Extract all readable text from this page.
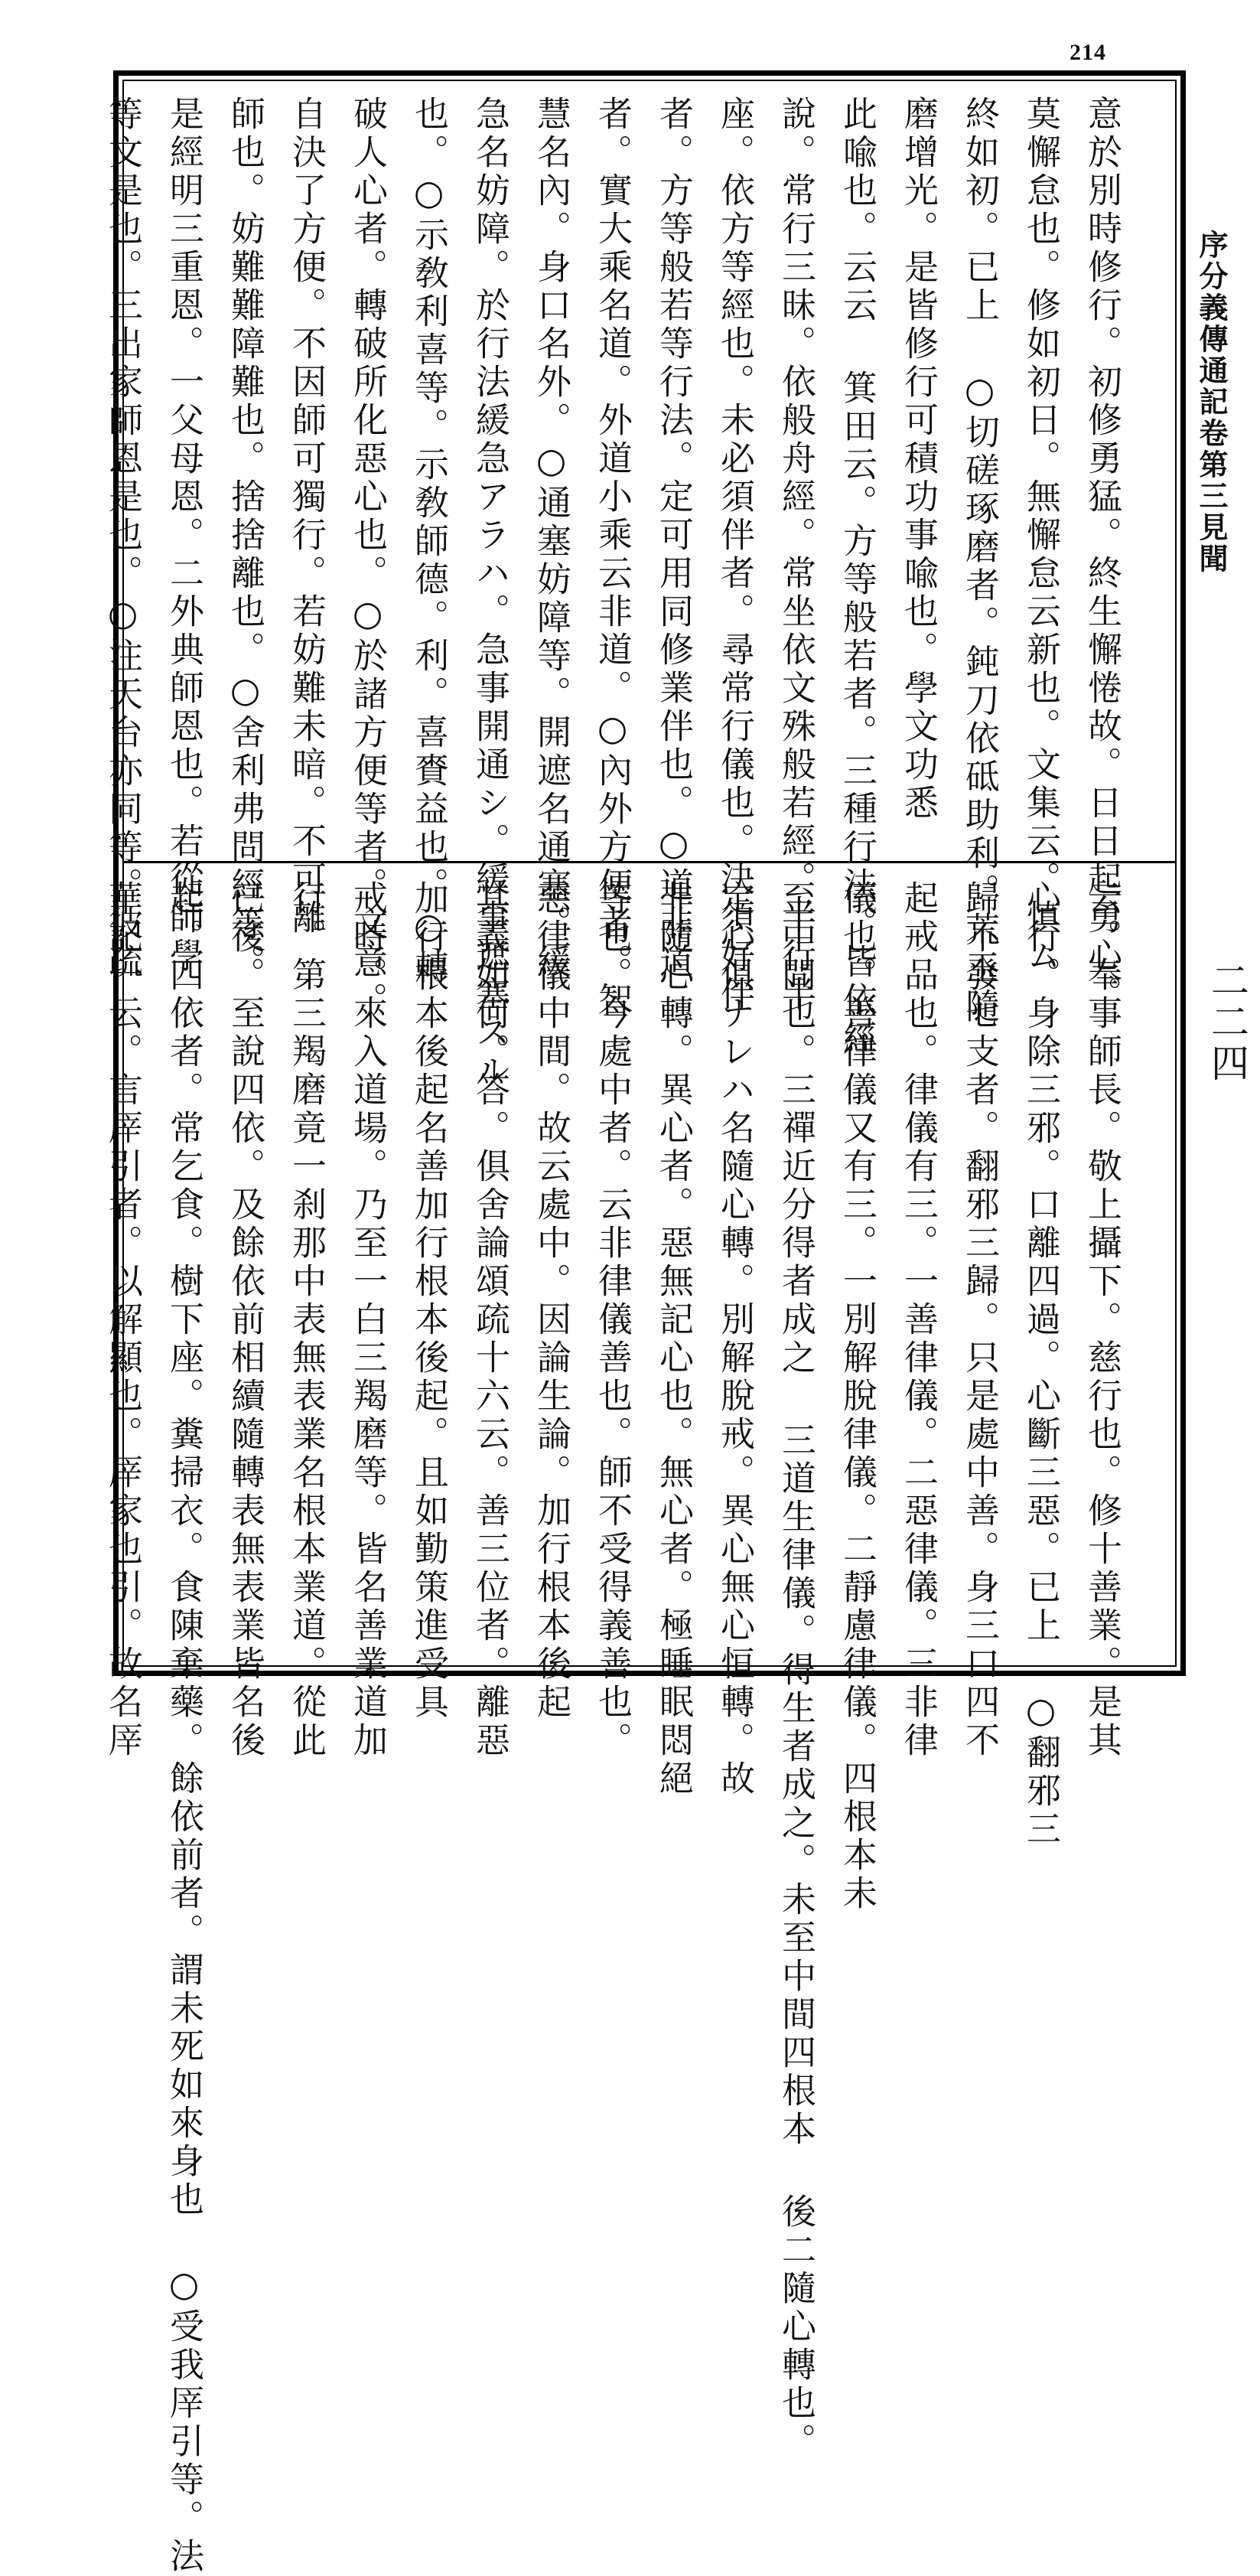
214
序分義傳通記卷第三見聞
二二四
意於別時修行。初修勇猛。終生懈惓故。日日起勇心。
莫懈怠也。修如初日。無懈怠云新也。文集云。慎ム
終如初。已上 ○切磋琢磨者。鈍刀依砥助利。荒玉隨
磨增光。是皆修行可積功事喩也。學文功悉
此喩也。云云 箕田云。方等般若者。三種行法。皆依經
說。常行三昧。依般舟經。常坐依文殊般若經。半行半
座。依方等經也。未必須伴者。尋常行儀也。決須好伴
者。方等般若等行法。定可用同修業伴也。○道非道
者。實大乘名道。外道小乘云非道。○內外方便者。智
慧名內。身口名外。○通塞妨障等。開遮名通塞。緩
急名妨障。於行法緩急アラハ。急事開通シ。緩事遮塞スル
也。○示敎利喜等。示敎師德。利。喜賚益也。○轉
破人心者。轉破所化惡心也。○於諸方便等者。文意。
自決了方便。不因師可獨行。若妨難未暗。不可離
師也。妨難難障難也。捨捨離也。○舍利弗問經等。
是經明三重恩。一父母恩。二外典師恩也。若從師學
等文是也。三出家師恩是也。○注天台亦同等。彼疏
云。奉事師長。敬上攝下。慈行也。修十善業。是其
心行。身除三邪。口離四過。心斷三惡。已上 ○翻邪三
歸不發七支者。翻邪三歸。只是處中善。身三口四不
起戒品也。律儀有三。一善律儀。二惡律儀。三非律
儀也。善律儀又有三。一別解脫律儀。二靜慮律儀。四根本未
至中間也。三禪近分得者成之 三道生律儀。得生者成之。未至中間四根本 後二隨心轉也。
定心俱ナレハ名隨心轉。別解脫戒。異心無心恒轉。故
非隨心轉。異心者。惡無記心也。無心者。極睡眠悶絕
等也。今處中者。云非律儀善也。師不受得義善也。
惡律儀中間。故云處中。因論生論。加行根本後起
其義如何。答。俱舍論頌疏十六云。善三位者。離惡
加行根本後起名善加行根本後起。且如勤策進受具
戒時。來入道場。乃至一白三羯磨等。皆名善業道加
行。第三羯磨竟一刹那中表無表業名根本業道。從此
已後。至說四依。及餘依前相續隨轉表無表業皆名後
起。四依者。常乞食。樹下座。糞掃衣。食陳棄藥。餘依前者。謂未死如來身也 ○受我厗引等。法
華記一云。言厗引者。以解顯也。厗家也引。故名厗
